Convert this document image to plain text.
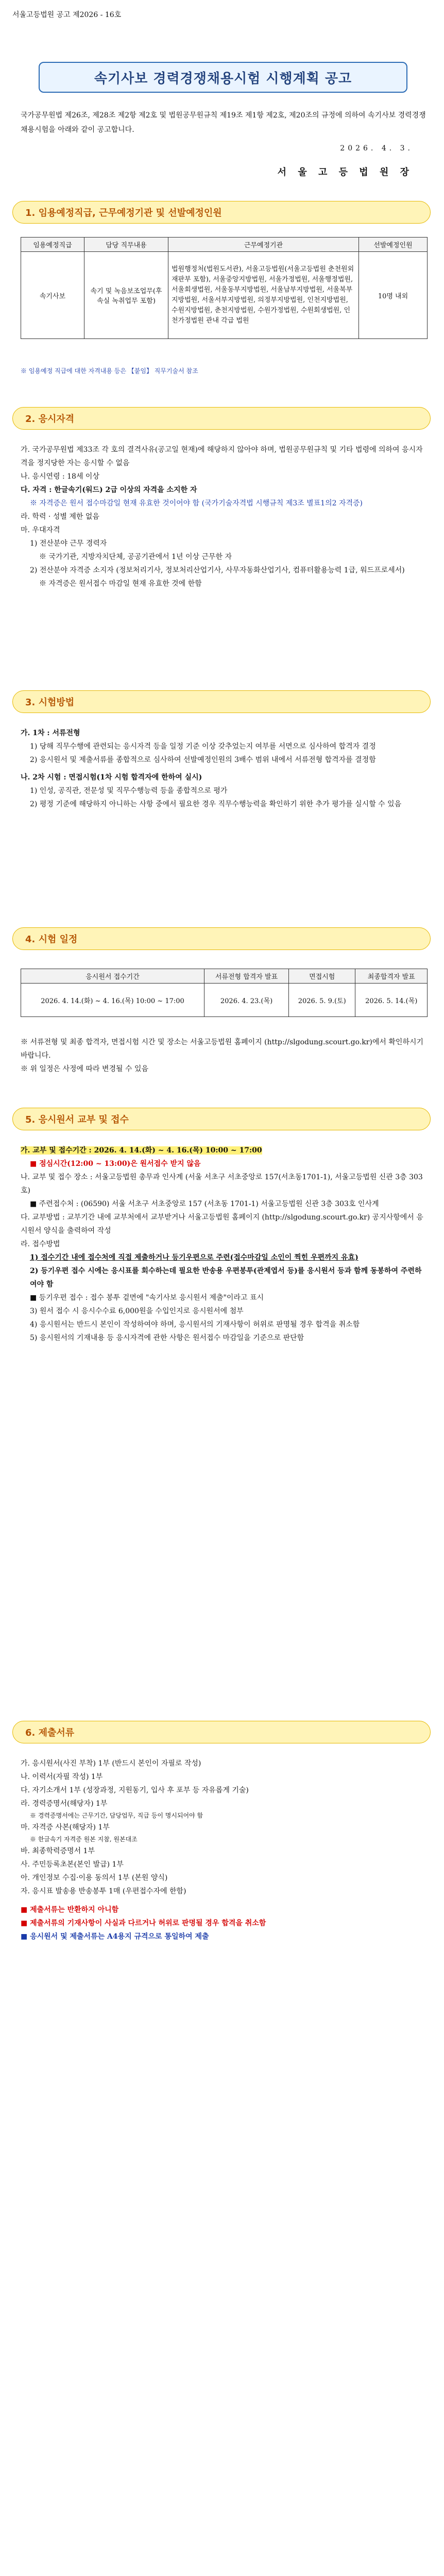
서울고등법원 공고 제2026 - 16호
속기사보 경력경쟁채용시험 시행계획 공고
국가공무원법 제26조, 제28조 제2항 제2호 및 법원공무원규칙 제19조 제1항 제2호, 제20조의 규정에 의하여 속기사보 경력경쟁채용시험을 아래와 같이 공고합니다.
2026. 4. 3.
서 울 고 등 법 원 장
1. 임용예정직급, 근무예정기관 및 선발예정인원
임용예정직급	담당 직무내용	근무예정기관	선발예정인원
속기사보	속기 및 녹음보조업무(후속실 녹취업무 포함)	법원행정처(법원도서관), 서울고등법원(서울고등법원 춘천원외재판부 포함), 서울중앙지방법원, 서울가정법원, 서울행정법원, 서울회생법원, 서울동부지방법원, 서울남부지방법원, 서울북부지방법원, 서울서부지방법원, 의정부지방법원, 인천지방법원, 수원지방법원, 춘천지방법원, 수원가정법원, 수원회생법원, 인천가정법원 관내 각급 법원	10명 내외
※ 임용예정 직급에 대한 자격내용 등은 【붙임】 직무기술서 참조
2. 응시자격

가. 국가공무원법 제33조 각 호의 결격사유(공고일 현재)에 해당하지 않아야 하며, 법원공무원규칙 및 기타 법령에 의하여 응시자격을 정지당한 자는 응시할 수 없음

나. 응시연령 : 18세 이상

다. 자격 : 한글속기(워드) 2급 이상의 자격을 소지한 자

※ 자격증은 원서 접수마감일 현재 유효한 것이어야 함 (국가기술자격법 시행규칙 제3조 별표1의2 자격증)

라. 학력 · 성별 제한 없음

마. 우대자격

1) 전산분야 근무 경력자

※ 국가기관, 지방자치단체, 공공기관에서 1년 이상 근무한 자

2) 전산분야 자격증 소지자 (정보처리기사, 정보처리산업기사, 사무자동화산업기사, 컴퓨터활용능력 1급, 워드프로세서)

※ 자격증은 원서접수 마감일 현재 유효한 것에 한함

3. 시험방법

가. 1차 : 서류전형

1) 당해 직무수행에 관련되는 응시자격 등을 일정 기준 이상 갖추었는지 여부를 서면으로 심사하여 합격자 결정

2) 응시원서 및 제출서류를 종합적으로 심사하여 선발예정인원의 3배수 범위 내에서 서류전형 합격자를 결정함

나. 2차 시험 : 면접시험(1차 시험 합격자에 한하여 실시)

1) 인성, 공직관, 전문성 및 직무수행능력 등을 종합적으로 평가

2) 평정 기준에 해당하지 아니하는 사항 중에서 필요한 경우 직무수행능력을 확인하기 위한 추가 평가를 실시할 수 있음

4. 시험 일정
응시원서 접수기간	서류전형 합격자 발표	면접시험	최종합격자 발표
2026. 4. 14.(화) ~ 4. 16.(목) 10:00 ~ 17:00	2026. 4. 23.(목)	2026. 5. 9.(토)	2026. 5. 14.(목)

※ 서류전형 및 최종 합격자, 면접시험 시간 및 장소는 서울고등법원 홈페이지 (http://slgodung.scourt.go.kr)에서 확인하시기 바랍니다.

※ 위 일정은 사정에 따라 변경될 수 있음

5. 응시원서 교부 및 접수

가. 교부 및 접수기간 : 2026. 4. 14.(화) ~ 4. 16.(목) 10:00 ~ 17:00

■ 점심시간(12:00 ~ 13:00)은 원서접수 받지 않음

나. 교부 및 접수 장소 : 서울고등법원 총무과 인사계 (서울 서초구 서초중앙로 157(서초동1701-1), 서울고등법원 신관 3층 303호)

■ 주련접수처 : (06590) 서울 서초구 서초중앙로 157 (서초동 1701-1) 서울고등법원 신관 3층 303호 인사계

다. 교부방법 : 교부기간 내에 교부처에서 교부받거나 서울고등법원 홈페이지 (http://slgodung.scourt.go.kr) 공지사항에서 응시원서 양식을 출력하여 작성

라. 접수방법

1) 접수기간 내에 접수처에 직접 제출하거나 등기우편으로 주련(접수마감일 소인이 찍힌 우편까지 유효)

2) 등기우편 접수 시에는 응시표를 회수하는데 필요한 반송용 우편봉투(관제엽서 등)를 응시원서 등과 함께 동봉하여 주련하여야 함

■ 등기우편 접수 : 접수 봉투 겉면에 "속기사보 응시원서 제출"이라고 표시

3) 원서 접수 시 응시수수료 6,000원을 수입인지로 응시원서에 첨부

4) 응시원서는 반드시 본인이 작성하여야 하며, 응시원서의 기재사항이 허위로 판명될 경우 합격을 취소함

5) 응시원서의 기재내용 등 응시자격에 관한 사항은 원서접수 마감일을 기준으로 판단함

6. 제출서류

가. 응시원서(사진 부착) 1부 (반드시 본인이 자필로 작성)

나. 이력서(자필 작성) 1부

다. 자기소개서 1부 (성장과정, 지원동기, 입사 후 포부 등 자유롭게 기술)

라. 경력증명서(해당자) 1부

※ 경력증명서에는 근무기간, 담당업무, 직급 등이 명시되어야 함

마. 자격증 사본(해당자) 1부

※ 한글속기 자격증 원본 지참, 원본대조

바. 최종학력증명서 1부

사. 주민등록초본(본인 발급) 1부

아. 개인정보 수집·이용 동의서 1부 (본원 양식)

자. 응시표 발송용 반송봉투 1매 (우편접수자에 한함)

■ 제출서류는 반환하지 아니함

■ 제출서류의 기재사항이 사실과 다르거나 허위로 판명될 경우 합격을 취소함

■ 응시원서 및 제출서류는 A4용지 규격으로 통일하여 제출
